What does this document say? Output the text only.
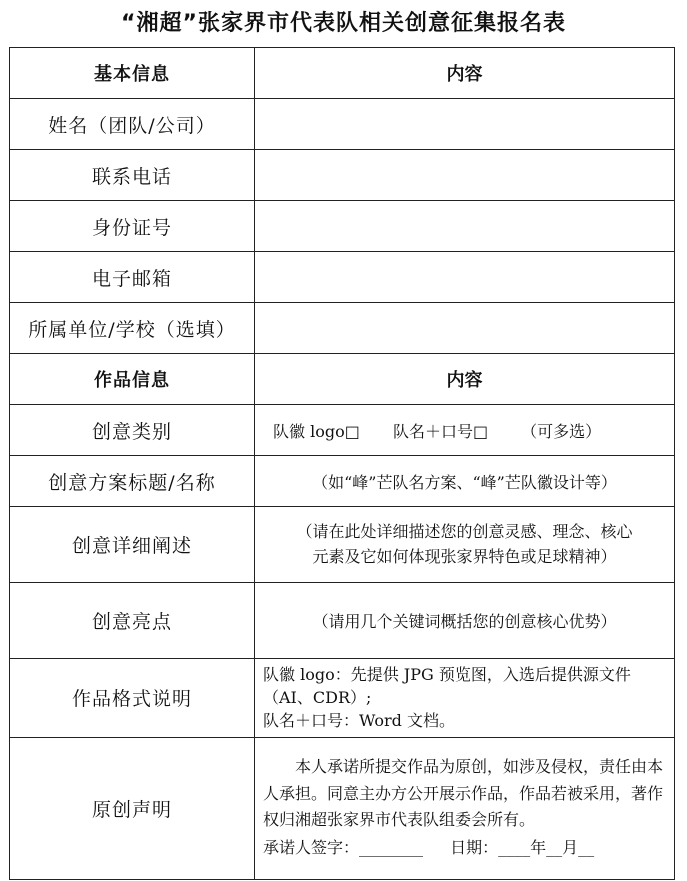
“湘超”张家界市代表队相关创意征集报名表
基本信息	内容
姓名（团队/公司）	
联系电话	
身份证号	
电子邮箱	
所属单位/学校（选填）	
作品信息	内容
创意类别	队徽 logo□ 队名＋口号□ （可多选）
创意方案标题/名称	（如“峰”芒队名方案、“峰”芒队徽设计等）
创意详细阐述	（请在此处详细描述您的创意灵感、理念、核心
元素及它如何体现张家界特色或足球精神）

创意亮点	（请用几个关键词概括您的创意核心优势）
作品格式说明	队徽 logo：先提供 JPG 预览图，入选后提供源文件（AI、CDR）;
队名＋口号：Word 文档。

原创声明	本人承诺所提交作品为原创，如涉及侵权，责任由本人承担。同意主办方公开展示作品，作品若被采用，著作权归湘超张家界市代表队组委会所有。
承诺人签字：________ 日期：____年__月__
